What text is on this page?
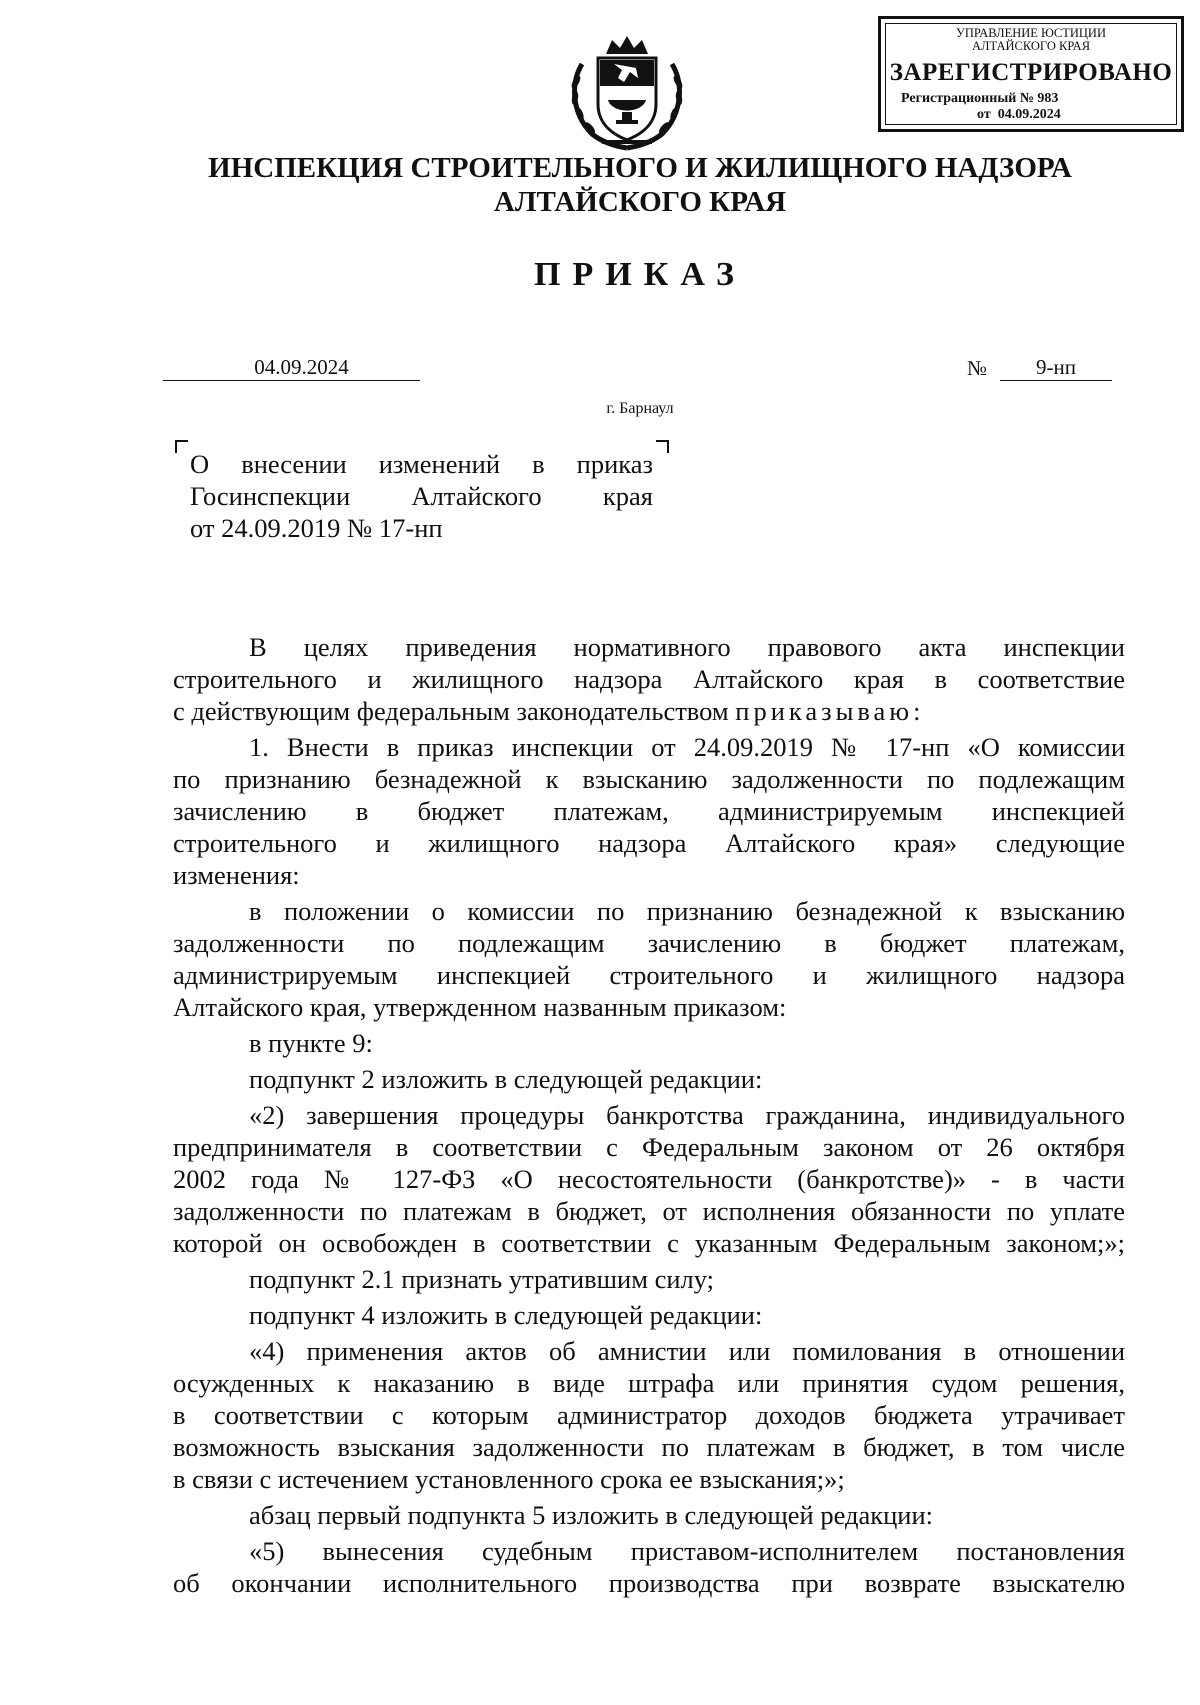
УПРАВЛЕНИЕ ЮСТИЦИИ
АЛТАЙСКОГО КРАЯ
ЗАРЕГИСТРИРОВАНО
Регистрационный № 983
от  04.09.2024
ИНСПЕКЦИЯ СТРОИТЕЛЬНОГО И ЖИЛИЩНОГО НАДЗОРА
АЛТАЙСКОГО КРАЯ
ПРИКАЗ
04.09.2024	№	9-нп
г. Барнаул
О внесении изменений в приказ
Госинспекции Алтайского края
от 24.09.2019 № 17-нп
В целях приведения нормативного правового акта инспекции
строительного и жилищного надзора Алтайского края в соответствие
с действующим федеральным законодательством приказываю:
1. Внести в приказ инспекции от 24.09.2019 № 17-нп «О комиссии
по признанию безнадежной к взысканию задолженности по подлежащим
зачислению в бюджет платежам, администрируемым инспекцией
строительного и жилищного надзора Алтайского края» следующие
изменения:
в положении о комиссии по признанию безнадежной к взысканию
задолженности по подлежащим зачислению в бюджет платежам,
администрируемым инспекцией строительного и жилищного надзора
Алтайского края, утвержденном названным приказом:
в пункте 9:
подпункт 2 изложить в следующей редакции:
«2) завершения процедуры банкротства гражданина, индивидуального
предпринимателя в соответствии с Федеральным законом от 26 октября
2002 года № 127-ФЗ «О несостоятельности (банкротстве)» - в части
задолженности по платежам в бюджет, от исполнения обязанности по уплате
которой он освобожден в соответствии с указанным Федеральным законом;»;
подпункт 2.1 признать утратившим силу;
подпункт 4 изложить в следующей редакции:
«4) применения актов об амнистии или помилования в отношении
осужденных к наказанию в виде штрафа или принятия судом решения,
в соответствии с которым администратор доходов бюджета утрачивает
возможность взыскания задолженности по платежам в бюджет, в том числе
в связи с истечением установленного срока ее взыскания;»;
абзац первый подпункта 5 изложить в следующей редакции:
«5) вынесения судебным приставом-исполнителем постановления
об окончании исполнительного производства при возврате взыскателю
